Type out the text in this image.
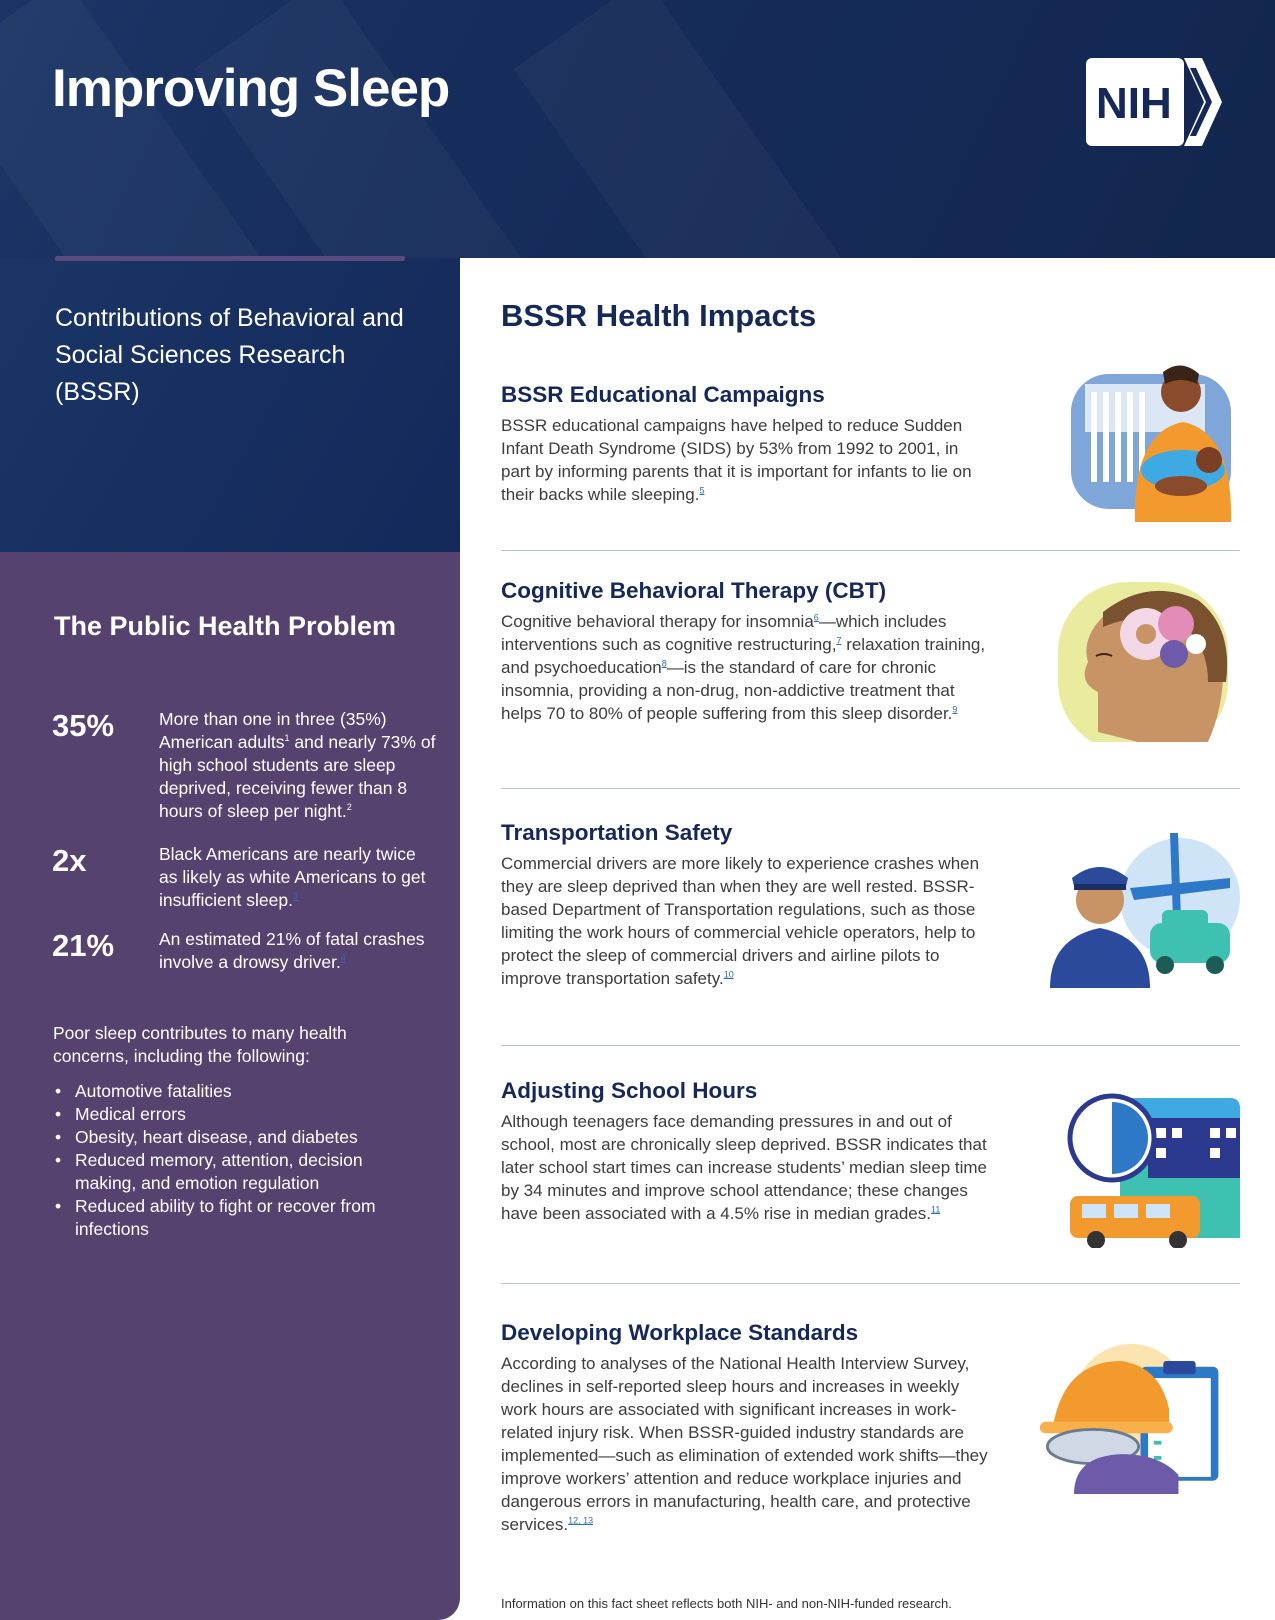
Improving Sleep	NIH
Contributions of Behavioral and Social Sciences Research (BSSR)
The Public Health Problem
35%	More than one in three (35%) American adults$^1$ and nearly 73% of high school students are sleep deprived, receiving fewer than 8 hours of sleep per night.$^2$
2x	Black Americans are nearly twice as likely as white Americans to get insufficient sleep.$^3$
21%	An estimated 21% of fatal crashes involve a drowsy driver.$^4$
Poor sleep contributes to many health concerns, including the following:
• Automotive fatalities
• Medical errors
• Obesity, heart disease, and diabetes
• Reduced memory, attention, decision making, and emotion regulation
• Reduced ability to fight or recover from infections
BSSR Health Impacts
BSSR Educational Campaigns
BSSR educational campaigns have helped to reduce Sudden Infant Death Syndrome (SIDS) by 53% from 1992 to 2001, in part by informing parents that it is important for infants to lie on their backs while sleeping.$^5$
Cognitive Behavioral Therapy (CBT)
Cognitive behavioral therapy for insomnia$^6$—which includes interventions such as cognitive restructuring,$^7$ relaxation training, and psychoeducation$^8$—is the standard of care for chronic insomnia, providing a non-drug, non-addictive treatment that helps 70 to 80% of people suffering from this sleep disorder.$^9$
Transportation Safety
Commercial drivers are more likely to experience crashes when they are sleep deprived than when they are well rested. BSSR-based Department of Transportation regulations, such as those limiting the work hours of commercial vehicle operators, help to protect the sleep of commercial drivers and airline pilots to improve transportation safety.$^{10}$
Adjusting School Hours
Although teenagers face demanding pressures in and out of school, most are chronically sleep deprived. BSSR indicates that later school start times can increase students’ median sleep time by 34 minutes and improve school attendance; these changes have been associated with a 4.5% rise in median grades.$^{11}$
Developing Workplace Standards
According to analyses of the National Health Interview Survey, declines in self-reported sleep hours and increases in weekly work hours are associated with significant increases in work-related injury risk. When BSSR-guided industry standards are implemented—such as elimination of extended work shifts—they improve workers’ attention and reduce workplace injuries and dangerous errors in manufacturing, health care, and protective services.$^{12, 13}$
Information on this fact sheet reflects both NIH- and non-NIH-funded research.
